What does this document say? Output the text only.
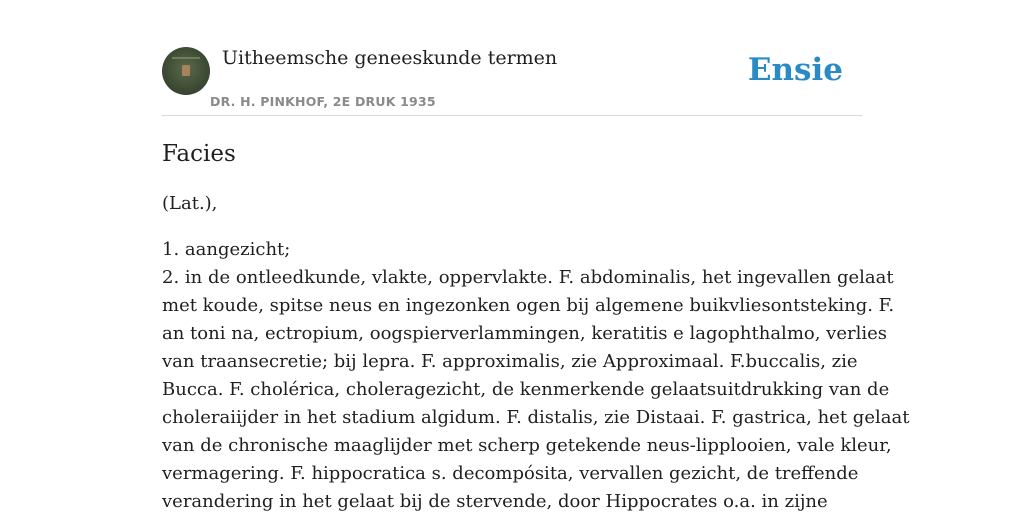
Uitheemsche geneeskunde termen
DR. H. PINKHOF, 2E DRUK 1935
Ensie
Facies

(Lat.),

1. aangezicht;
2. in de ontleedkunde, vlakte, oppervlakte. F. abdominalis, het ingevallen gelaat
met koude, spitse neus en ingezonken ogen bij algemene buikvliesontsteking. F.
an toni na, ectropium, oogspierverlammingen, keratitis e lagophthalmo, verlies
van traansecretie; bij lepra. F. approximalis, zie Approximaal. F.buccalis, zie
Bucca. F. cholérica, choleragezicht, de kenmerkende gelaatsuitdrukking van de
choleraiijder in het stadium algidum. F. distalis, zie Distaai. F. gastrica, het gelaat
van de chronische maaglijder met scherp getekende neus-lipplooien, vale kleur,
vermagering. F. hippocratica s. decompósita, vervallen gezicht, de treffende
verandering in het gelaat bij de stervende, door Hippocrates o.a. in zijne
